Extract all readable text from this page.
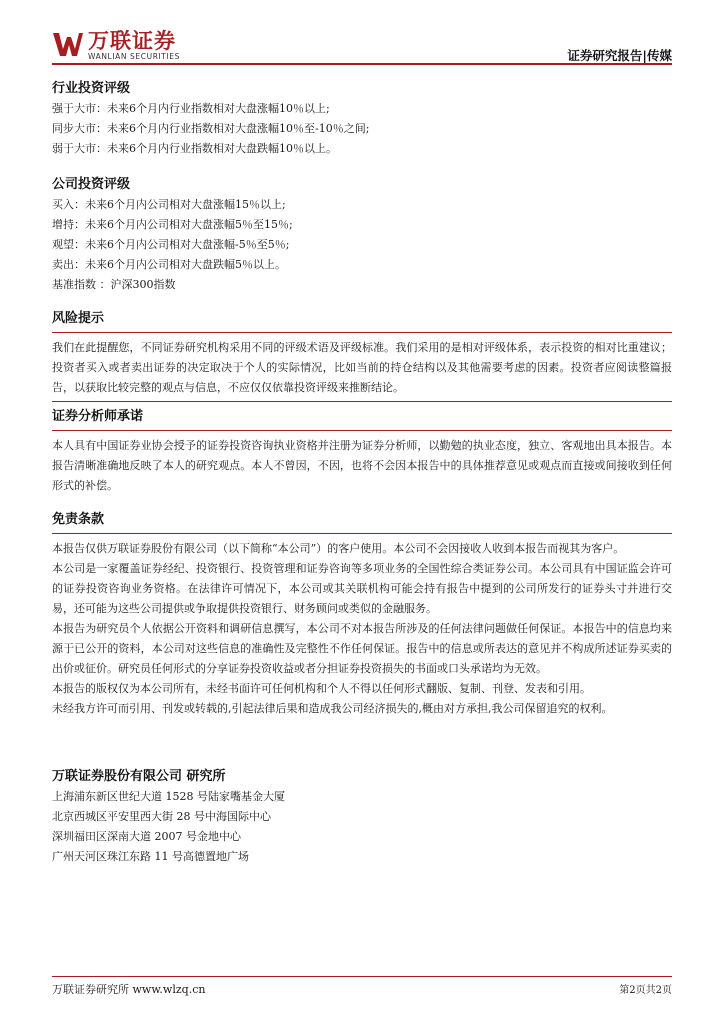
万联证券
WANLIAN SECURITIES	证券研究报告|传媒
行业投资评级
强于大市：未来6个月内行业指数相对大盘涨幅10％以上;
同步大市：未来6个月内行业指数相对大盘涨幅10％至-10％之间;
弱于大市：未来6个月内行业指数相对大盘跌幅10％以上。
公司投资评级
买入：未来6个月内公司相对大盘涨幅15％以上;
增持：未来6个月内公司相对大盘涨幅5％至15％;
观望：未来6个月内公司相对大盘涨幅-5％至5％;
卖出：未来6个月内公司相对大盘跌幅5％以上。
基准指数 ：沪深300指数
风险提示
我们在此提醒您，不同证券研究机构采用不同的评级术语及评级标准。我们采用的是相对评级体系，表示投资的相对比重建议；投资者买入或者卖出证券的决定取决于个人的实际情况，比如当前的持仓结构以及其他需要考虑的因素。投资者应阅读整篇报告，以获取比较完整的观点与信息，不应仅仅依靠投资评级来推断结论。
证券分析师承诺
本人具有中国证券业协会授予的证券投资咨询执业资格并注册为证券分析师，以勤勉的执业态度，独立、客观地出具本报告。本报告清晰准确地反映了本人的研究观点。本人不曾因，不因，也将不会因本报告中的具体推荐意见或观点而直接或间接收到任何形式的补偿。
免责条款
本报告仅供万联证券股份有限公司（以下简称“本公司”）的客户使用。本公司不会因接收人收到本报告而视其为客户。
本公司是一家覆盖证券经纪、投资银行、投资管理和证券咨询等多项业务的全国性综合类证券公司。本公司具有中国证监会许可的证券投资咨询业务资格。在法律许可情况下，本公司或其关联机构可能会持有报告中提到的公司所发行的证券头寸并进行交易，还可能为这些公司提供或争取提供投资银行、财务顾问或类似的金融服务。
本报告为研究员个人依据公开资料和调研信息撰写，本公司不对本报告所涉及的任何法律问题做任何保证。本报告中的信息均来源于已公开的资料，本公司对这些信息的准确性及完整性不作任何保证。报告中的信息或所表达的意见并不构成所述证券买卖的出价或征价。研究员任何形式的分享证券投资收益或者分担证券投资损失的书面或口头承诺均为无效。
本报告的版权仅为本公司所有，未经书面许可任何机构和个人不得以任何形式翻版、复制、刊登、发表和引用。
未经我方许可而引用、刊发或转载的,引起法律后果和造成我公司经济损失的,概由对方承担,我公司保留追究的权利。
万联证券股份有限公司 研究所
上海浦东新区世纪大道 1528 号陆家嘴基金大厦
北京西城区平安里西大街 28 号中海国际中心
深圳福田区深南大道 2007 号金地中心
广州天河区珠江东路 11 号高德置地广场
万联证券研究所 www.wlzq.cn	第2页共2页
